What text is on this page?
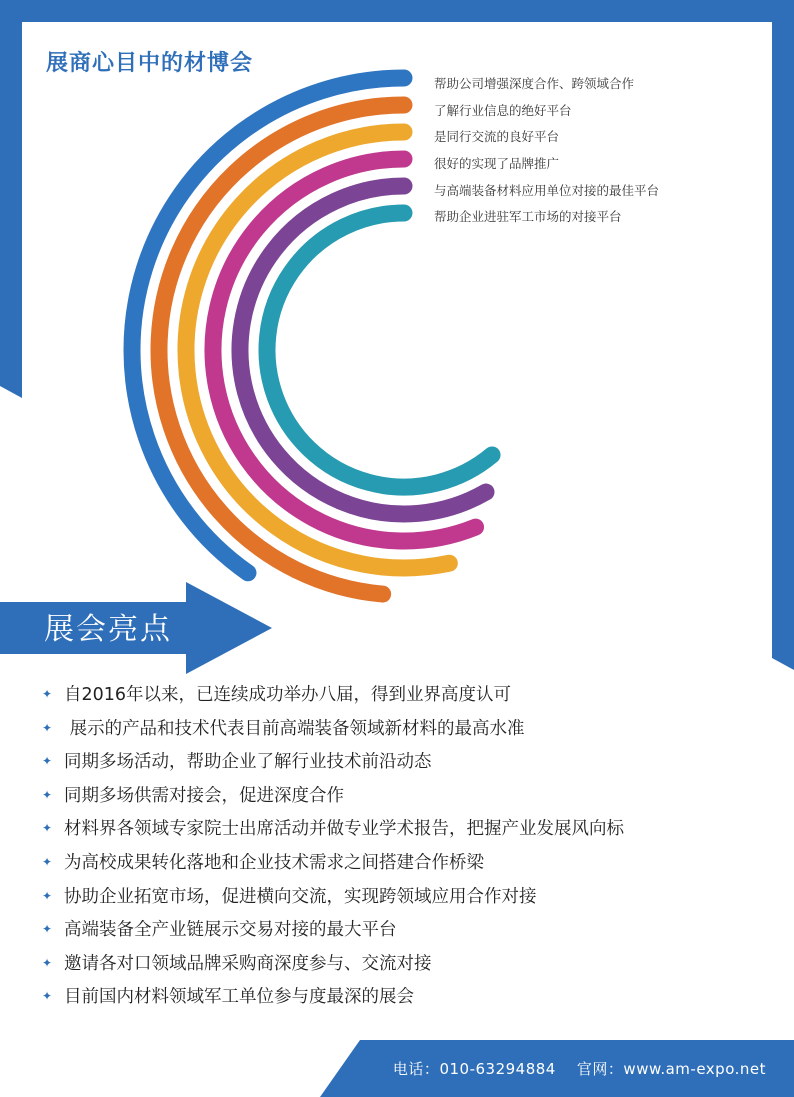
展商心目中的材博会
帮助公司增强深度合作、跨领域合作
了解行业信息的绝好平台
是同行交流的良好平台
很好的实现了品牌推广
与高端装备材料应用单位对接的最佳平台
帮助企业进驻军工市场的对接平台
展会亮点
✦ 自2016年以来，已连续成功举办八届，得到业界高度认可
✦ 展示的产品和技术代表目前高端装备领域新材料的最高水准
✦ 同期多场活动，帮助企业了解行业技术前沿动态
✦ 同期多场供需对接会，促进深度合作
✦ 材料界各领域专家院士出席活动并做专业学术报告，把握产业发展风向标
✦ 为高校成果转化落地和企业技术需求之间搭建合作桥梁
✦ 协助企业拓宽市场，促进横向交流，实现跨领域应用合作对接
✦ 高端装备全产业链展示交易对接的最大平台
✦ 邀请各对口领域品牌采购商深度参与、交流对接
✦ 目前国内材料领域军工单位参与度最深的展会

电话：010-63294884 官网：www.am-expo.net
